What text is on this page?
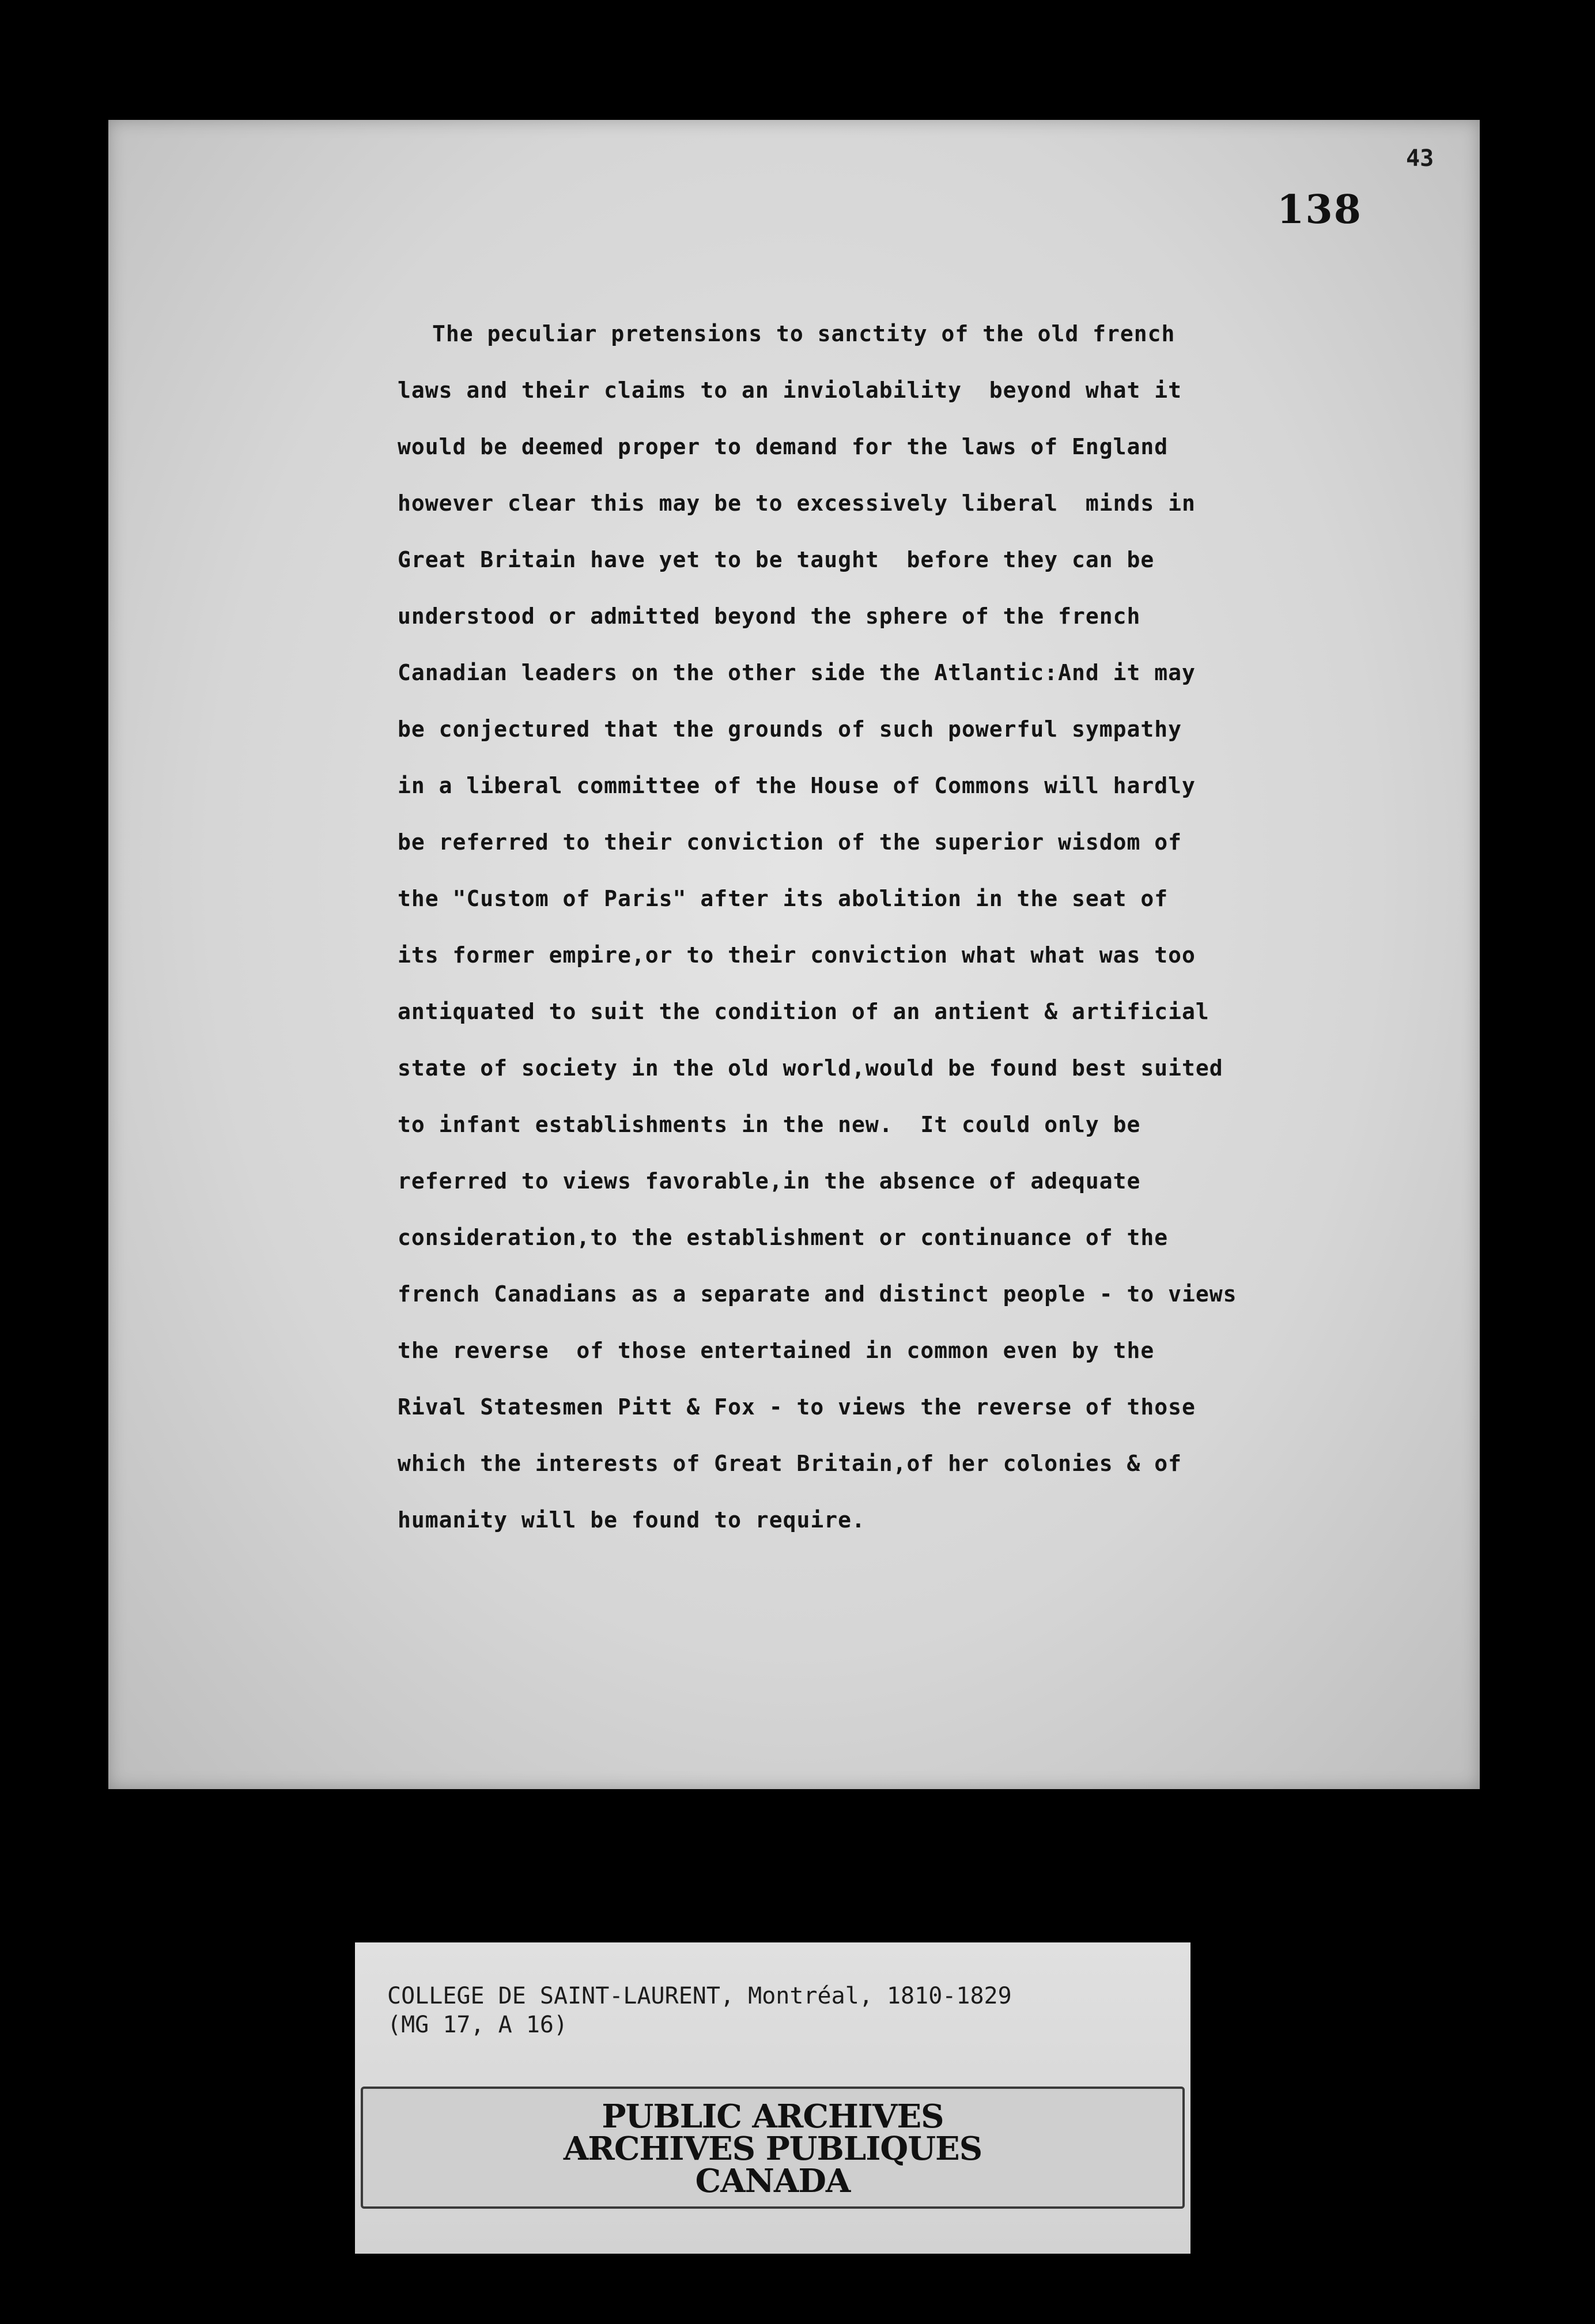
43
138
The peculiar pretensions to sanctity of the old french
laws and their claims to an inviolability  beyond what it
would be deemed proper to demand for the laws of England
however clear this may be to excessively liberal  minds in
Great Britain have yet to be taught  before they can be
understood or admitted beyond the sphere of the french
Canadian leaders on the other side the Atlantic:And it may
be conjectured that the grounds of such powerful sympathy
in a liberal committee of the House of Commons will hardly
be referred to their conviction of the superior wisdom of
the "Custom of Paris" after its abolition in the seat of
its former empire,or to their conviction what what was too
antiquated to suit the condition of an antient & artificial
state of society in the old world,would be found best suited
to infant establishments in the new.  It could only be
referred to views favorable,in the absence of adequate
consideration,to the establishment or continuance of the
french Canadians as a separate and distinct people - to views
the reverse  of those entertained in common even by the
Rival Statesmen Pitt & Fox - to views the reverse of those
which the interests of Great Britain,of her colonies & of
humanity will be found to require.
COLLEGE DE SAINT-LAURENT, Montréal, 1810-1829
(MG 17, A 16)
PUBLIC ARCHIVES
ARCHIVES PUBLIQUES
CANADA
